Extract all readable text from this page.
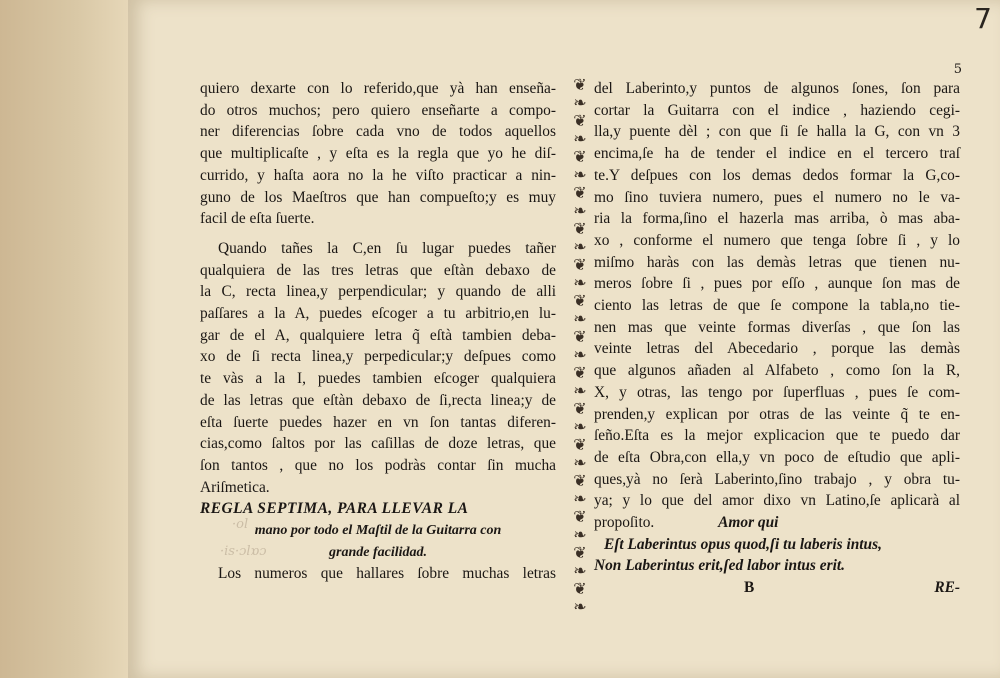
7
5
·ol
·is·ɔlɒɔ
quiero dexarte con lo referido,que yà han enseña-
do otros muchos; pero quiero enseñarte a compo-
ner diferencias ſobre cada vno de todos aquellos
que multiplicaſte , y eſta es la regla que yo he diſ-
currido, y haſta aora no la he viſto practicar a nin-
guno de los Maeſtros que han compueſto;y es muy
facil de eſta ſuerte.
Quando tañes la C,en ſu lugar puedes tañer
qualquiera de las tres letras que eſtàn debaxo de
la C, recta linea,y perpendicular; y quando de alli
paſſares a la A, puedes eſcoger a tu arbitrio,en lu-
gar de el A, qualquiere letra q̃ eſtà tambien deba-
xo de ſi recta linea,y perpedicular;y deſpues como
te vàs a la I, puedes tambien eſcoger qualquiera
de las letras que eſtàn debaxo de ſi,recta linea;y de
eſta ſuerte puedes hazer en vn ſon tantas diferen-
cias,como ſaltos por las caſillas de doze letras, que
ſon tantos , que no los podràs contar ſin mucha
Ariſmetica.
REGLA SEPTIMA, PARA LLEVAR LA
mano por todo el Maſtil de la Guitarra con
grande facilidad.
Los numeros que hallares ſobre muchas letras
❦
❧
❦
❧
❦
❧
❦
❧
❦
❧
❦
❧
❦
❧
❦
❧
❦
❧
❦
❧
❦
❧
❦
❧
❦
❧
❦
❧
❦
❧
del Laberinto,y puntos de algunos ſones, ſon para
cortar la Guitarra con el indice , haziendo cegi-
lla,y puente dèl ; con que ſi ſe halla la G, con vn 3
encima,ſe ha de tender el indice en el tercero traſ
te.Y deſpues con los demas dedos formar la G,co-
mo ſino tuviera numero, pues el numero no le va-
ria la forma,ſino el hazerla mas arriba, ò mas aba-
xo , conforme el numero que tenga ſobre ſi , y lo
miſmo haràs con las demàs letras que tienen nu-
meros ſobre ſi , pues por eſſo , aunque ſon mas de
ciento las letras de que ſe compone la tabla,no tie-
nen mas que veinte formas diverſas , que ſon las
veinte letras del Abecedario , porque las demàs
que algunos añaden al Alfabeto , como ſon la R,
X, y otras, las tengo por ſuperfluas , pues ſe com-
prenden,y explican por otras de las veinte q̃ te en-
ſeño.Eſta es la mejor explicacion que te puedo dar
de eſta Obra,con ella,y vn poco de eſtudio que apli-
ques,yà no ſerà Laberinto,ſino trabajo , y obra tu-
ya; y lo que del amor dixo vn Latino,ſe aplicarà al
propoſito.	Amor qui
Eſt Laberintus opus quod,ſi tu laberis intus,
Non Laberintus erit,ſed labor intus erit.
B	RE-
